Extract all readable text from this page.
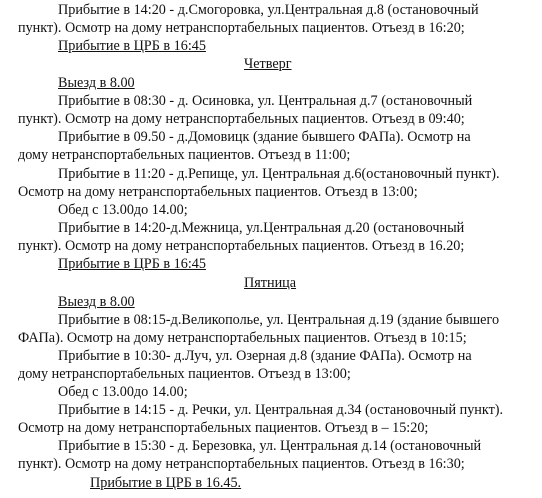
Прибытие в 14:20 - д.Смогоровка, ул.Центральная д.8 (остановочный
пункт). Осмотр на дому нетранспортабельных пациентов. Отъезд в 16:20;
Прибытие в ЦРБ в 16:45
Четверг
Выезд в 8.00
Прибытие в 08:30 - д. Осиновка, ул. Центральная д.7 (остановочный
пункт). Осмотр на дому нетранспортабельных пациентов. Отъезд в 09:40;
Прибытие в 09.50 - д.Домовицк (здание бывшего ФАПа). Осмотр на
дому нетранспортабельных пациентов. Отъезд в 11:00;
Прибытие в 11:20 - д.Репище, ул. Центральная д.6(остановочный пункт).
Осмотр на дому нетранспортабельных пациентов. Отъезд в 13:00;
Обед с 13.00до 14.00;
Прибытие в 14:20-д.Межница, ул.Центральная д.20 (остановочный
пункт). Осмотр на дому нетранспортабельных пациентов. Отъезд в 16.20;
Прибытие в ЦРБ в 16:45
Пятница
Выезд в 8.00
Прибытие в 08:15-д.Великополье, ул. Центральная д.19 (здание бывшего
ФАПа). Осмотр на дому нетранспортабельных пациентов. Отъезд в 10:15;
Прибытие в 10:30- д.Луч, ул. Озерная д.8 (здание ФАПа). Осмотр на
дому нетранспортабельных пациентов. Отъезд в 13:00;
Обед с 13.00до 14.00;
Прибытие в 14:15 - д. Речки, ул. Центральная д.34 (остановочный пункт).
Осмотр на дому нетранспортабельных пациентов. Отъезд в – 15:20;
Прибытие в 15:30 - д. Березовка, ул. Центральная д.14 (остановочный
пункт). Осмотр на дому нетранспортабельных пациентов. Отъезд в 16:30;
Прибытие в ЦРБ в 16.45.
